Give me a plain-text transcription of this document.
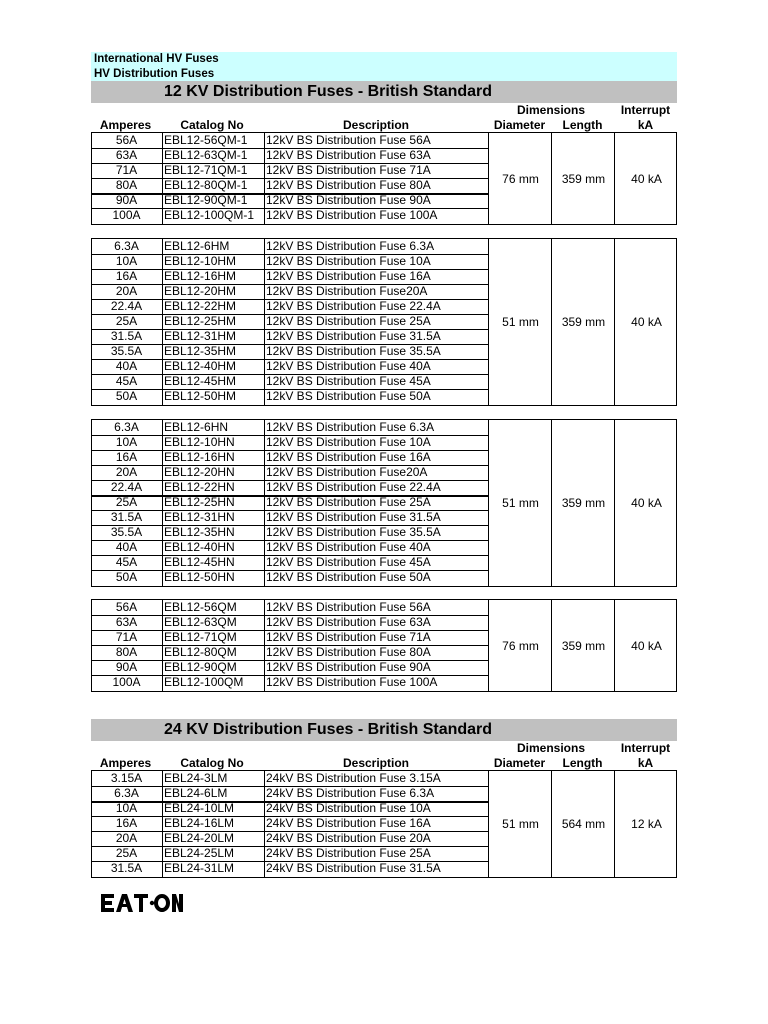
International HV Fuses
HV Distribution Fuses
12 KV Distribution Fuses - British Standard
Amperes	Catalog No	Description
Dimensions
Diameter	Length
Interrupt
kA
56A	EBL12-56QM-1	12kV BS Distribution Fuse 56A
63A	EBL12-63QM-1	12kV BS Distribution Fuse 63A
71A	EBL12-71QM-1	12kV BS Distribution Fuse 71A
80A	EBL12-80QM-1	12kV BS Distribution Fuse 80A
90A	EBL12-90QM-1	12kV BS Distribution Fuse 90A
100A	EBL12-100QM-1 12kV BS Distribution Fuse 100A
76 mm	359 mm	40 kA
6.3A	EBL12-6HM	12kV BS Distribution Fuse 6.3A
10A	EBL12-10HM	12kV BS Distribution Fuse 10A
16A	EBL12-16HM	12kV BS Distribution Fuse 16A
20A	EBL12-20HM	12kV BS Distribution Fuse20A
22.4A	EBL12-22HM	12kV BS Distribution Fuse 22.4A
25A	EBL12-25HM	12kV BS Distribution Fuse 25A
31.5A	EBL12-31HM	12kV BS Distribution Fuse 31.5A
35.5A	EBL12-35HM	12kV BS Distribution Fuse 35.5A
40A	EBL12-40HM	12kV BS Distribution Fuse 40A
45A	EBL12-45HM	12kV BS Distribution Fuse 45A
50A	EBL12-50HM	12kV BS Distribution Fuse 50A
51 mm	359 mm	40 kA
6.3A	EBL12-6HN	12kV BS Distribution Fuse 6.3A
10A	EBL12-10HN	12kV BS Distribution Fuse 10A
16A	EBL12-16HN	12kV BS Distribution Fuse 16A
20A	EBL12-20HN	12kV BS Distribution Fuse20A
22.4A	EBL12-22HN	12kV BS Distribution Fuse 22.4A
25A	EBL12-25HN	12kV BS Distribution Fuse 25A
31.5A	EBL12-31HN	12kV BS Distribution Fuse 31.5A
35.5A	EBL12-35HN	12kV BS Distribution Fuse 35.5A
40A	EBL12-40HN	12kV BS Distribution Fuse 40A
45A	EBL12-45HN	12kV BS Distribution Fuse 45A
50A	EBL12-50HN	12kV BS Distribution Fuse 50A
51 mm	359 mm	40 kA
56A	EBL12-56QM	12kV BS Distribution Fuse 56A
63A	EBL12-63QM	12kV BS Distribution Fuse 63A
71A	EBL12-71QM	12kV BS Distribution Fuse 71A
80A	EBL12-80QM	12kV BS Distribution Fuse 80A
90A	EBL12-90QM	12kV BS Distribution Fuse 90A
100A	EBL12-100QM	12kV BS Distribution Fuse 100A
76 mm	359 mm	40 kA
24 KV Distribution Fuses - British Standard
Amperes	Catalog No	Description
Dimensions
Diameter	Length
Interrupt
kA
3.15A	EBL24-3LM	24kV BS Distribution Fuse 3.15A
6.3A	EBL24-6LM	24kV BS Distribution Fuse 6.3A
10A	EBL24-10LM	24kV BS Distribution Fuse 10A
16A	EBL24-16LM	24kV BS Distribution Fuse 16A
20A	EBL24-20LM	24kV BS Distribution Fuse 20A
25A	EBL24-25LM	24kV BS Distribution Fuse 25A
31.5A	EBL24-31LM	24kV BS Distribution Fuse 31.5A
51 mm	564 mm	12 kA
